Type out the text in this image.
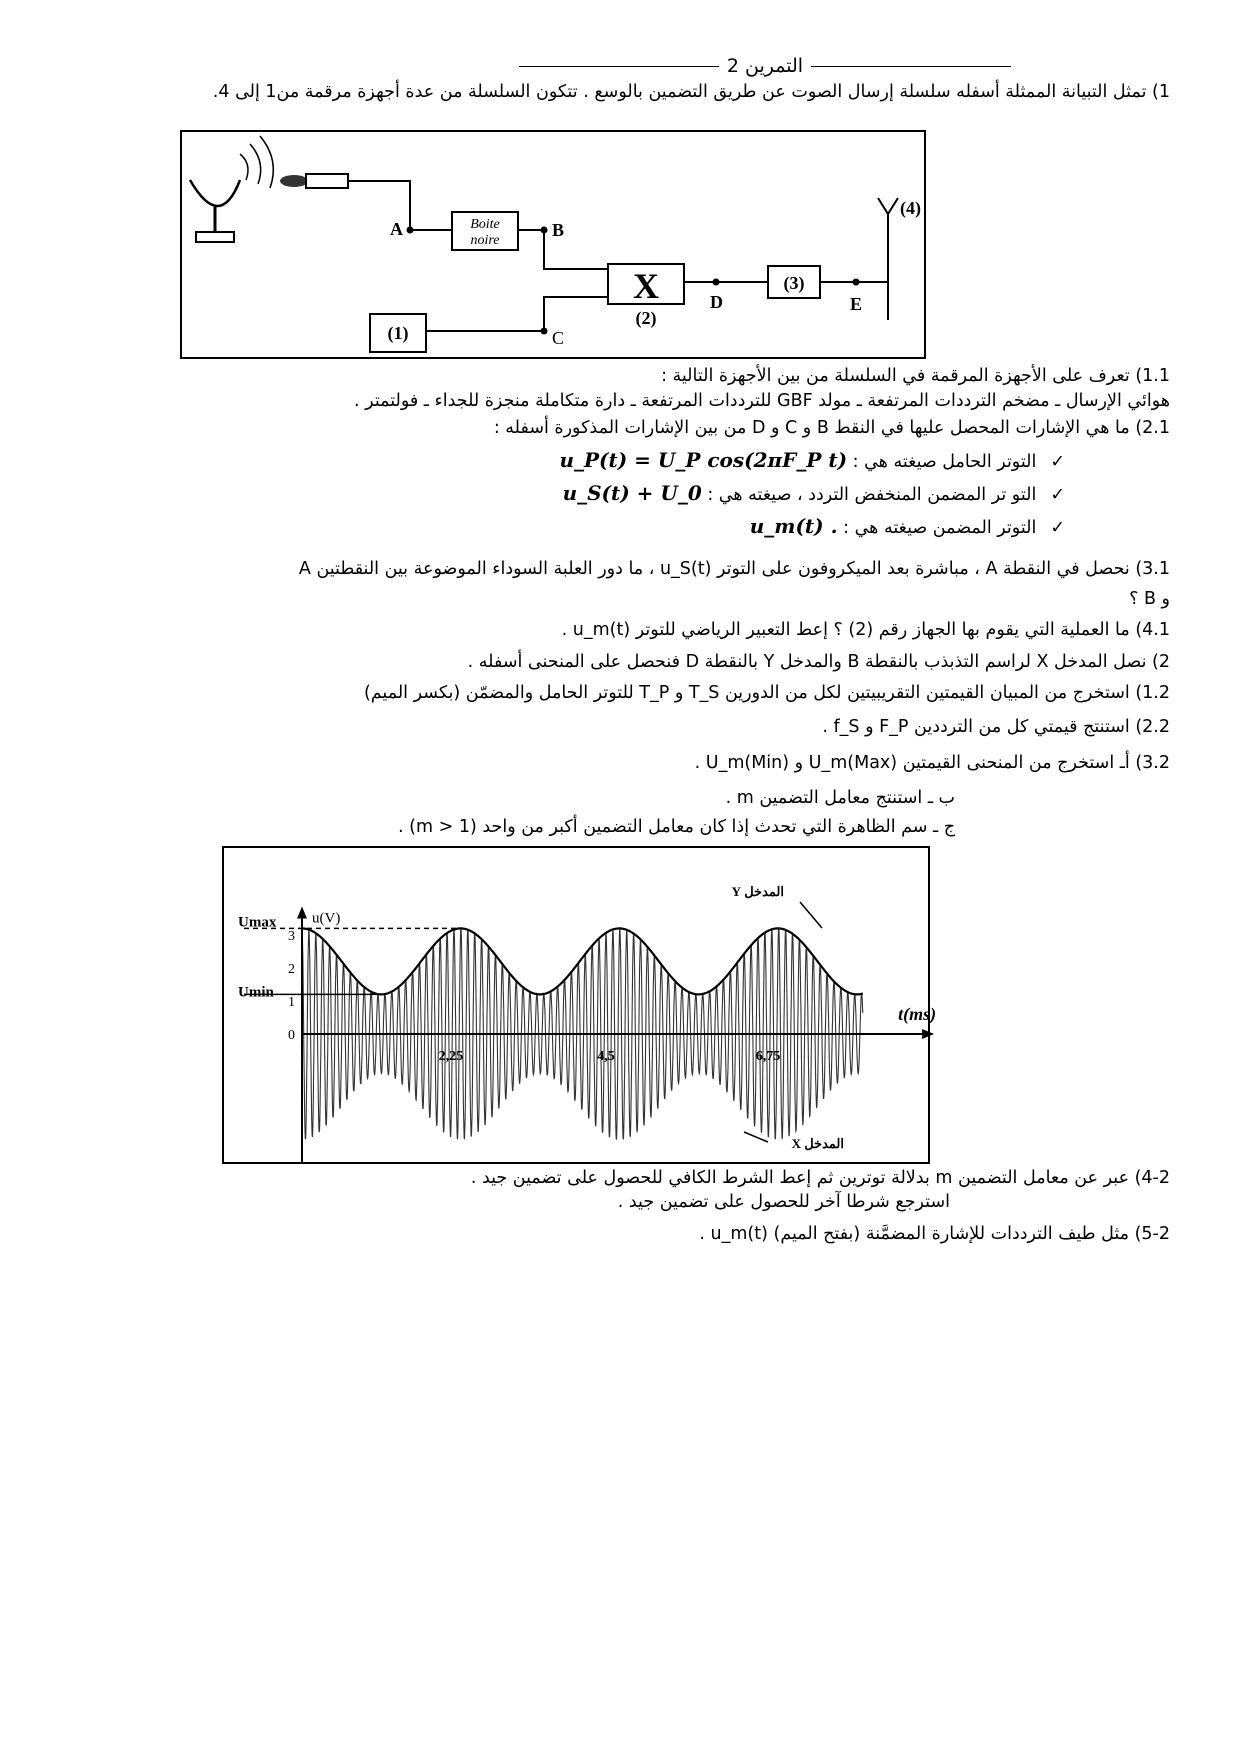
التمرين 2
1) تمثل التبيانة الممثلة أسفله سلسلة إرسال الصوت عن طريق التضمين بالوسع . تتكون السلسلة من عدة أجهزة مرقمة من1 إلى 4.
Boite
noire
X
(2)
(3)
(1)
(4)
A	B
C
D	E
1.1) تعرف على الأجهزة المرقمة في السلسلة من بين الأجهزة التالية :
هوائي الإرسال ـ مضخم الترددات المرتفعة ـ مولد GBF للترددات المرتفعة ـ دارة متكاملة منجزة للجداء ـ فولتمتر .
2.1) ما هي الإشارات المحصل عليها في النقط B و C و D من بين الإشارات المذكورة أسفله :
✓التوتر الحامل صيغته هي : u_P(t) = U_P cos(2πF_P t)
✓التو تر المضمن المنخفض التردد ، صيغته هي : u_S(t) + U_0
✓التوتر المضمن صيغته هي : u_m(t) .
3.1) نحصل في النقطة A ، مباشرة بعد الميكروفون على التوتر u_S(t) ، ما دور العلبة السوداء الموضوعة بين النقطتين A
و B ؟
4.1) ما العملية التي يقوم بها الجهاز رقم (2) ؟ إعط التعبير الرياضي للتوتر u_m(t) .
2) نصل المدخل X لراسم التذبذب بالنقطة B والمدخل Y بالنقطة D فنحصل على المنحنى أسفله .
1.2) استخرج من المبيان القيمتين التقريبيتين لكل من الدورين T_S و T_P للتوتر الحامل والمضمّن (بكسر الميم)
2.2) استنتج قيمتي كل من الترددين F_P و f_S .
3.2) أـ استخرج من المنحنى القيمتين U_m(Max) و U_m(Min) .
ب ـ استنتج معامل التضمين m .
ج ـ سم الظاهرة التي تحدث إذا كان معامل التضمين أكبر من واحد (m > 1) .
0
1
2
3
2,25	4,5	6,75
u(V)
t(ms)
Umax
Umin
المدخل Y
المدخل X
4-2) عبر عن معامل التضمين m بدلالة توترين ثم إعط الشرط الكافي للحصول على تضمين جيد .
استرجع شرطا آخر للحصول على تضمين جيد .
5-2) مثل طيف الترددات للإشارة المضمَّنة (بفتح الميم) u_m(t) .
